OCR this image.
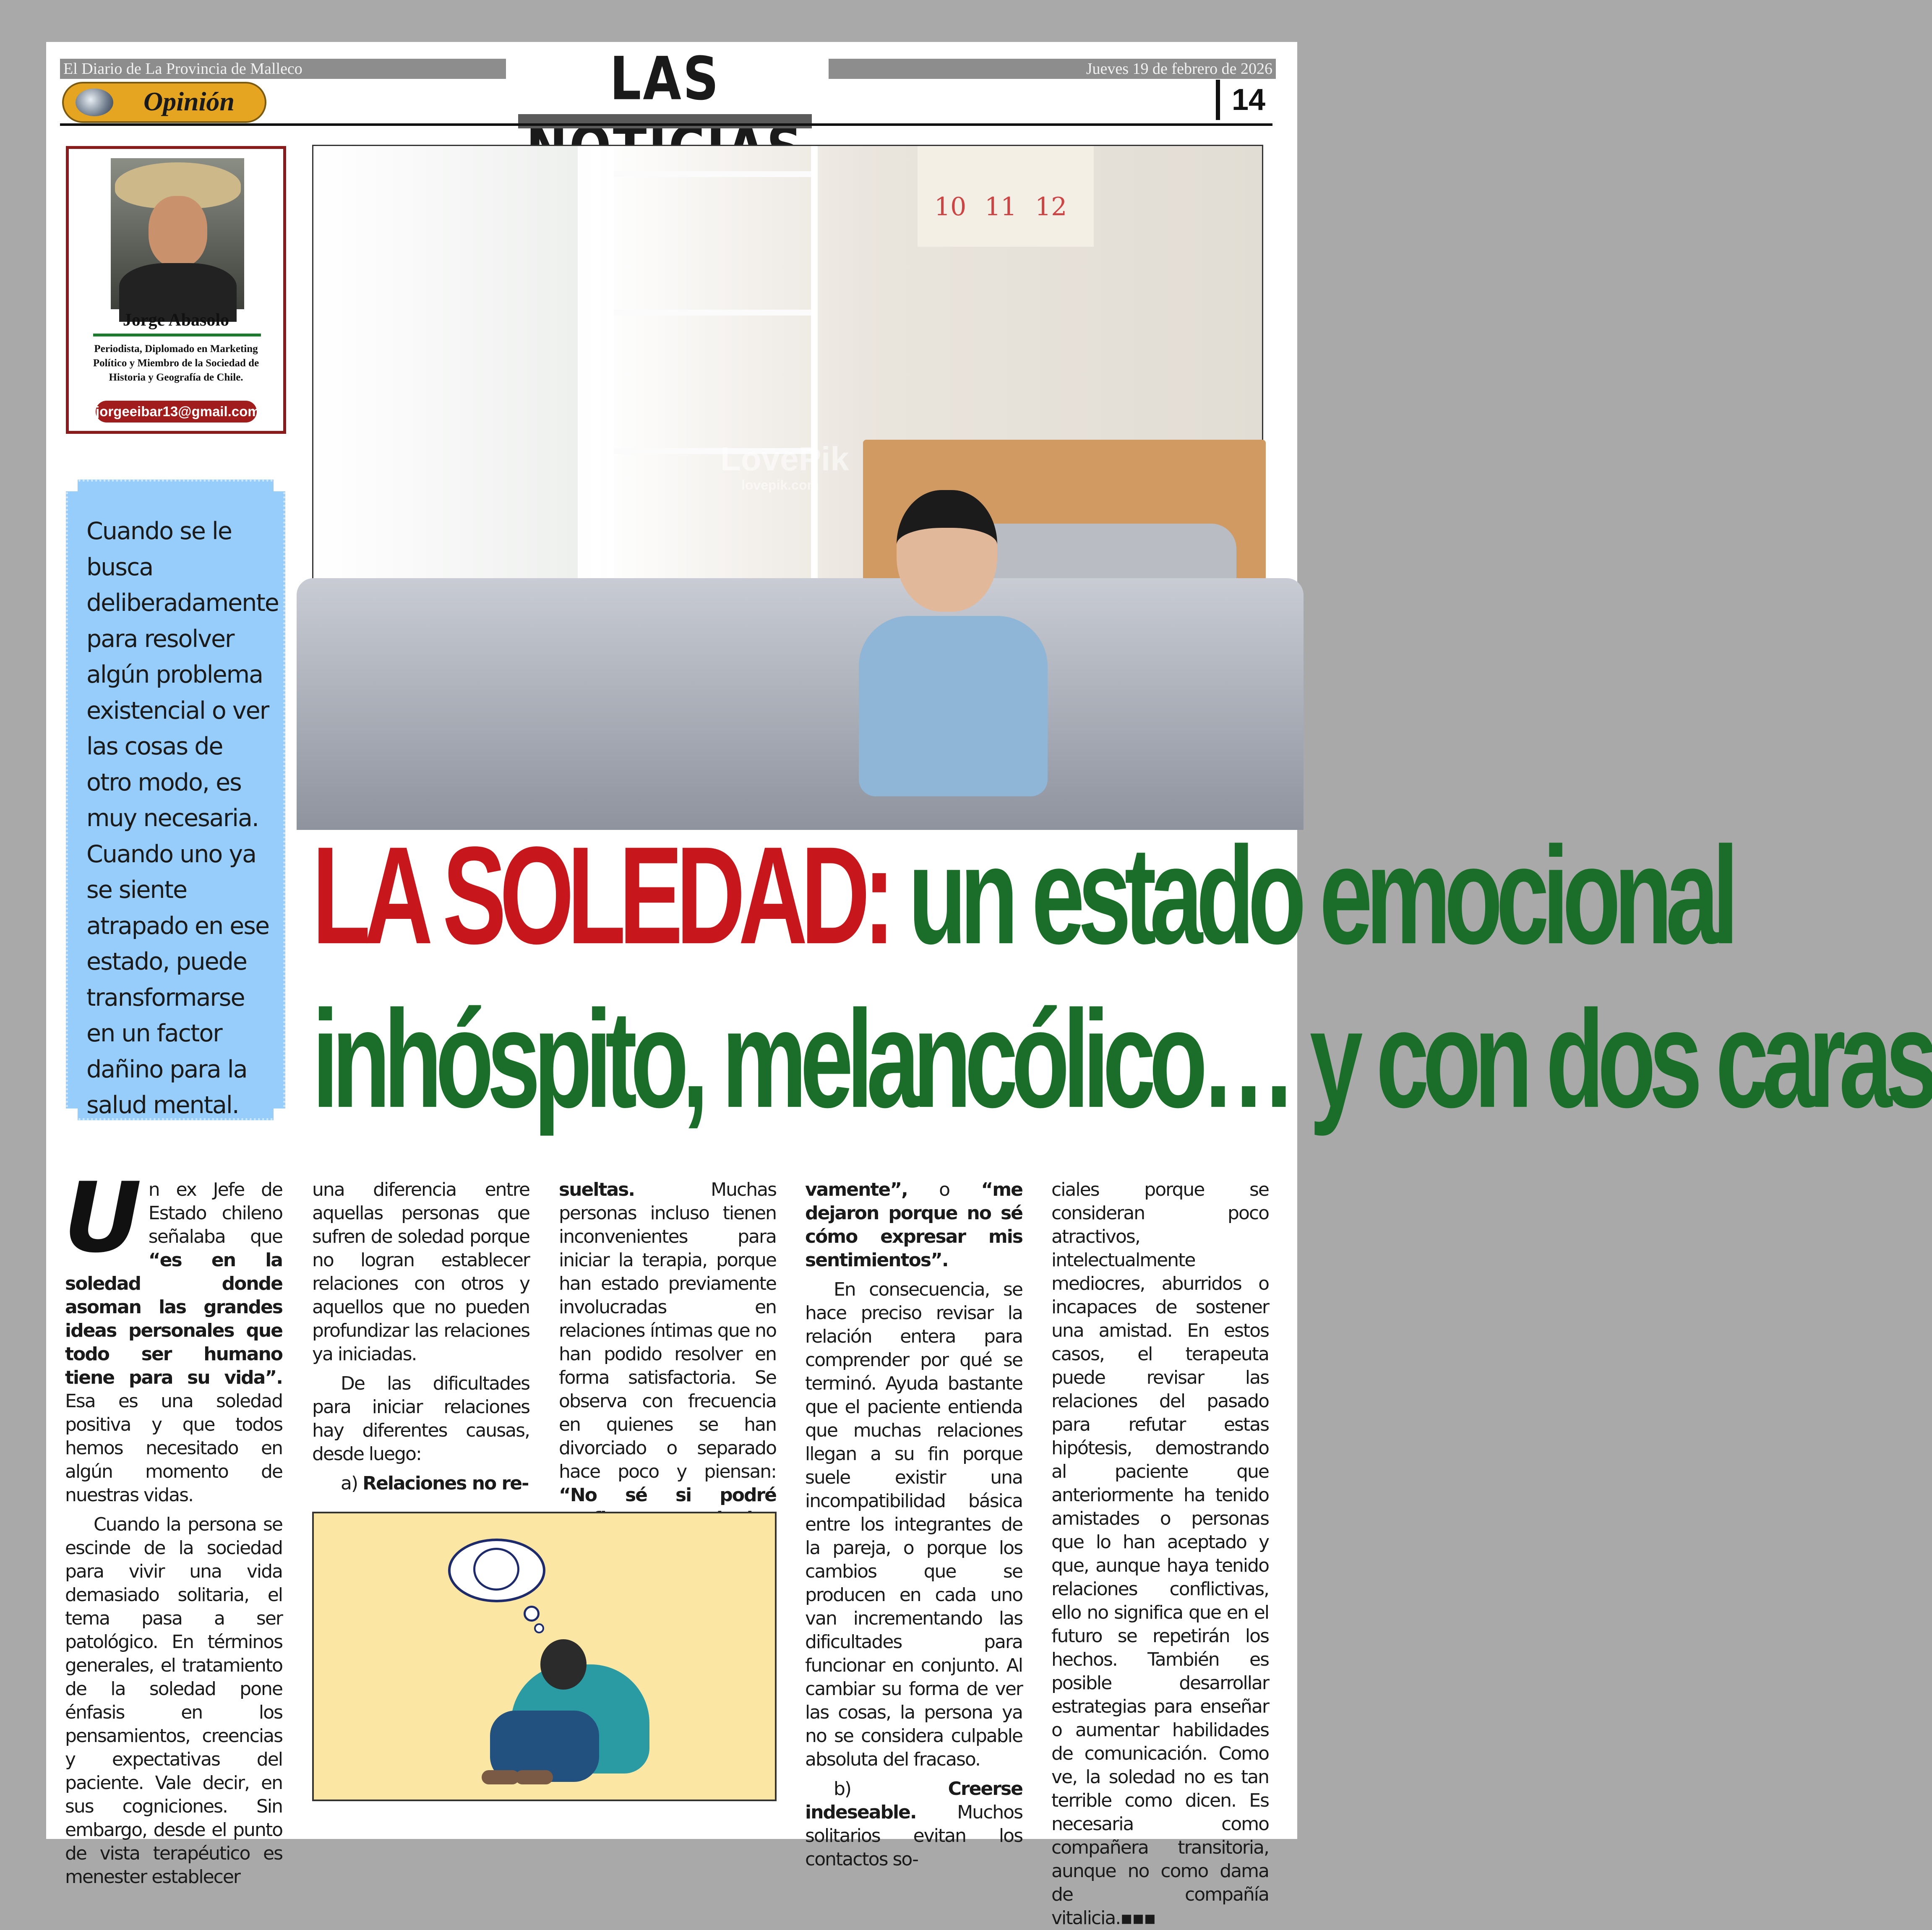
El Diario de La Provincia de Malleco	Jueves 19 de febrero de 2026
Opinión	LAS	14
Jorge Abasolo
Periodista, Diplomado en Marketing Político y Miembro de la Sociedad de Historia y Geografía de Chile.
jorgeeibar13@gmail.com
Cuando se le busca deliberadamente para resolver algún problema existencial o ver las cosas de otro modo, es muy necesaria. Cuando uno ya se siente atrapado en ese estado, puede transformarse en un factor dañino para la salud mental.
10 11 12
LovePik
lovepik.com
LA SOLEDAD: un estado emocional
inhóspito, melancólico… y con dos caras

Un ex Jefe de Estado chileno señalaba que “es en la soledad donde asoman las grandes ideas personales que todo ser humano tiene para su vida”. Esa es una soledad positiva y que todos hemos necesitado en algún momento de nuestras vidas.

Cuando la persona se escinde de la sociedad para vivir una vida demasiado solitaria, el tema pasa a ser patológico. En términos generales, el tratamiento de la soledad pone énfasis en los pensamientos, creencias y expectativas del paciente. Vale decir, en sus cogniciones. Sin embargo, desde el punto de vista terapéutico es menester establecer

una diferencia entre aquellas personas que sufren de soledad porque no logran establecer relaciones con otros y aquellos que no pueden profundizar las relaciones ya iniciadas.

De las dificultades para iniciar relaciones hay diferentes causas, desde luego:

a) Relaciones no re-

sueltas. Muchas personas incluso tienen inconvenientes para iniciar la terapia, porque han estado previamente involucradas en relaciones íntimas que no han podido resolver en forma satisfactoria. Se observa con frecuencia en quienes se han divorciado o separado hace poco y piensan: “No sé si podré

vamente”, o “me dejaron porque no sé cómo expresar mis sentimientos”.

En consecuencia, se hace preciso revisar la relación entera para comprender por qué se terminó. Ayuda bastante que el paciente entienda que muchas relaciones llegan a su fin porque suele existir una incompatibilidad básica entre los integrantes de la pareja, o porque los cambios que se producen en cada uno van incrementando las dificultades para funcionar en conjunto. Al cambiar su forma de ver las cosas, la persona ya no se considera culpable absoluta del fracaso.

b) Creerse indeseable. Muchos solitarios evitan los contactos so-

ciales porque se consideran poco atractivos, intelectualmente mediocres, aburridos o incapaces de sostener una amistad. En estos casos, el terapeuta puede revisar las relaciones del pasado para refutar estas hipótesis, demostrando al paciente que anteriormente ha tenido amistades o personas que lo han aceptado y que, aunque haya tenido relaciones conflictivas, ello no significa que en el futuro se repetirán los hechos. También es posible desarrollar estrategias para enseñar o aumentar habilidades de comunicación. Como ve, la soledad no es tan terrible como dicen. Es necesaria como compañera transitoria, aunque no como dama de compañía vitalicia.▪▪▪
